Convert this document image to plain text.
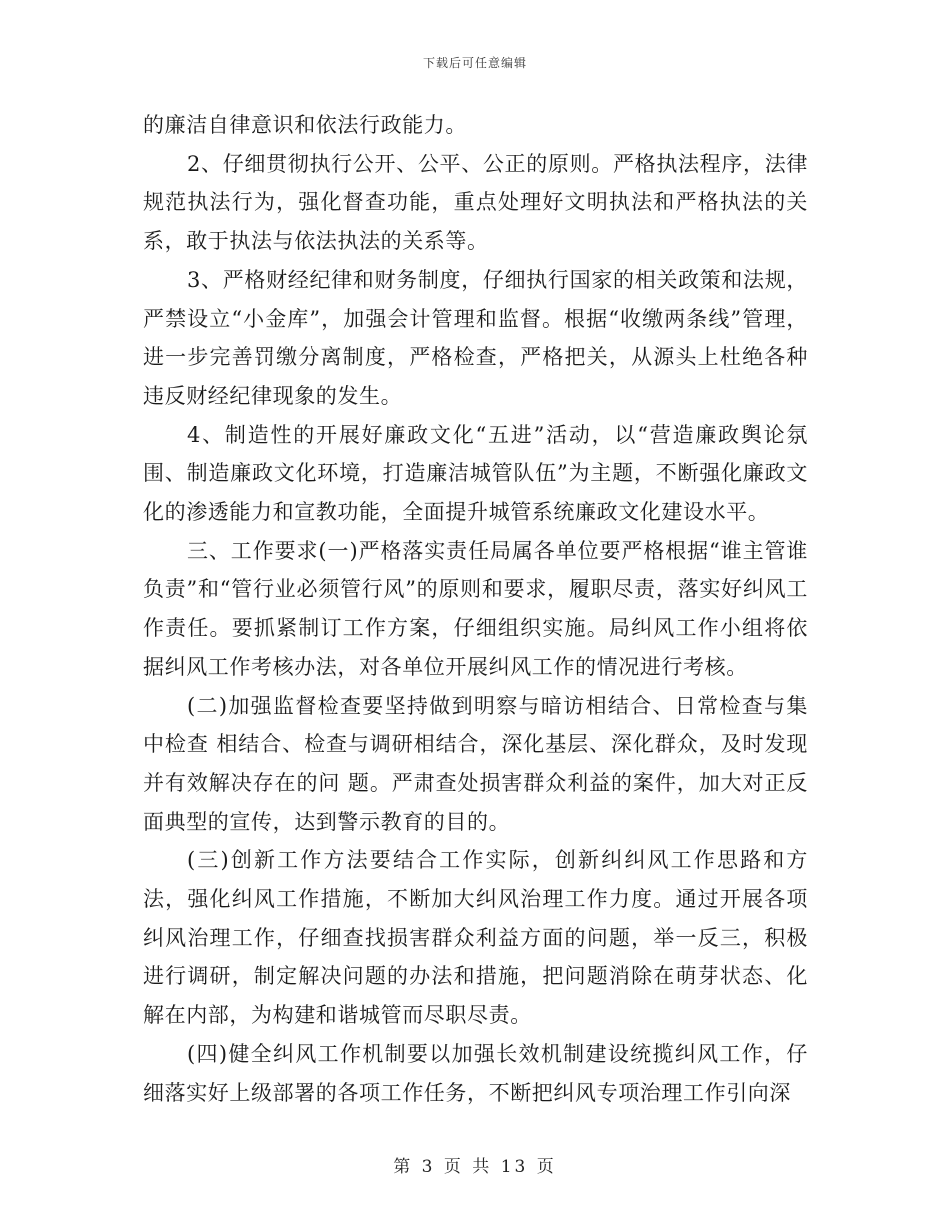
下载后可任意编辑

的廉洁自律意识和依法行政能力。

2、仔细贯彻执行公开、公平、公正的原则。严格执法程序，法律规范执法行为，强化督查功能，重点处理好文明执法和严格执法的关系，敢于执法与依法执法的关系等。

3、严格财经纪律和财务制度，仔细执行国家的相关政策和法规，严禁设立“小金库”，加强会计管理和监督。根据“收缴两条线”管理，进一步完善罚缴分离制度，严格检查，严格把关，从源头上杜绝各种违反财经纪律现象的发生。

4、制造性的开展好廉政文化“五进”活动，以“营造廉政舆论氛围、制造廉政文化环境，打造廉洁城管队伍”为主题，不断强化廉政文化的渗透能力和宣教功能，全面提升城管系统廉政文化建设水平。

三、工作要求(一)严格落实责任局属各单位要严格根据“谁主管谁负责”和“管行业必须管行风”的原则和要求，履职尽责，落实好纠风工作责任。要抓紧制订工作方案，仔细组织实施。局纠风工作小组将依据纠风工作考核办法，对各单位开展纠风工作的情况进行考核。

(二)加强监督检查要坚持做到明察与暗访相结合、日常检查与集中检查 相结合、检查与调研相结合，深化基层、深化群众，及时发现并有效解决存在的问 题。严肃查处损害群众利益的案件，加大对正反面典型的宣传，达到警示教育的目的。

(三)创新工作方法要结合工作实际，创新纠纠风工作思路和方法，强化纠风工作措施，不断加大纠风治理工作力度。通过开展各项纠风治理工作，仔细查找损害群众利益方面的问题，举一反三，积极进行调研，制定解决问题的办法和措施，把问题消除在萌芽状态、化解在内部，为构建和谐城管而尽职尽责。

(四)健全纠风工作机制要以加强长效机制建设统揽纠风工作，仔细落实好上级部署的各项工作任务，不断把纠风专项治理工作引向深

第 3 页 共 13 页
